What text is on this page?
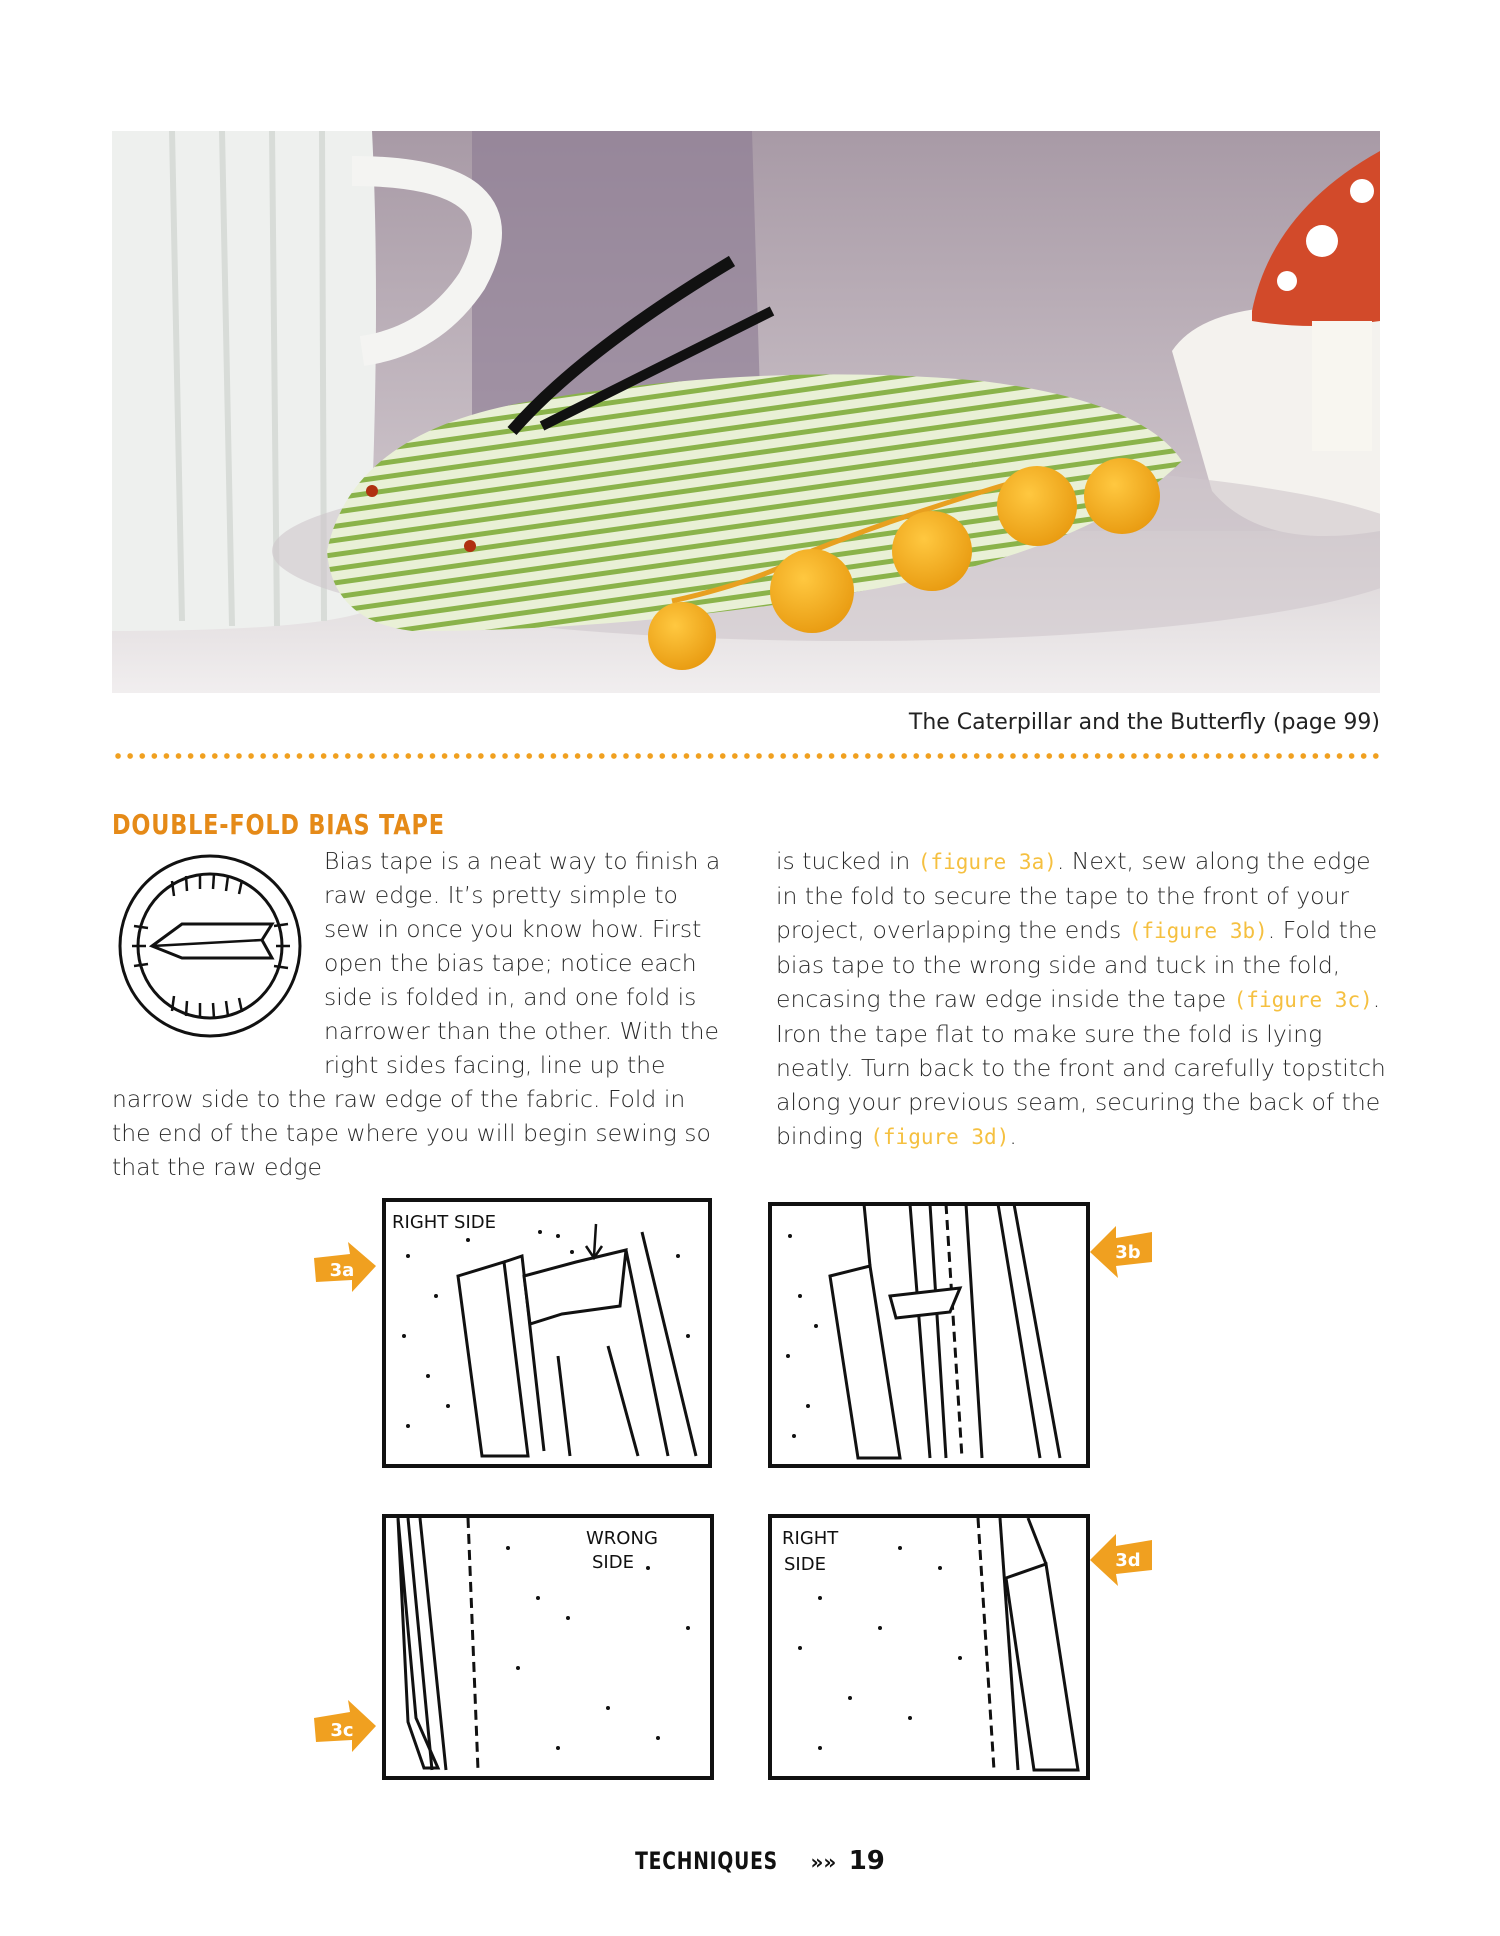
The Caterpillar and the Butterfly (page 99)
DOUBLE-FOLD BIAS TAPE
Bias tape is a neat way to finish a raw edge. It’s pretty simple to sew in once you know how. First open the bias tape; notice each side is folded in, and one fold is narrower than the other. With the right sides facing, line up the narrow side to the raw edge of the fabric. Fold in the end of the tape where you will begin sewing so that the raw edge
is tucked in (figure 3a). Next, sew along the edge in the fold to secure the tape to the front of your project, overlapping the ends (figure 3b). Fold the bias tape to the wrong side and tuck in the fold, encasing the raw edge inside the tape (figure 3c). Iron the tape flat to make sure the fold is lying neatly. Turn back to the front and carefully topstitch along your previous seam, securing the back of the binding (figure 3d).
RIGHT SIDE
3a
3b
WRONG
SIDE
3c
RIGHT
SIDE	3d
TECHNIQUES »» 19
